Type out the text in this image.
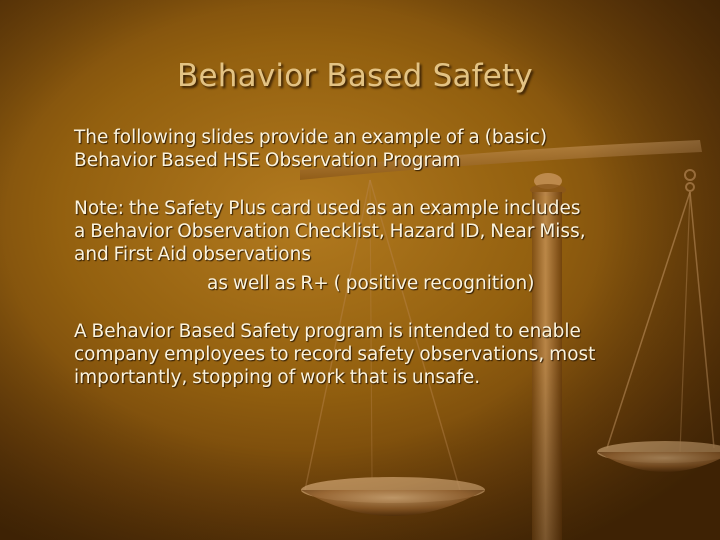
Behavior Based Safety

The following slides provide an example of a (basic)
Behavior Based HSE Observation Program

Note: the Safety Plus card used as an example includes
a Behavior Observation Checklist, Hazard ID, Near Miss,
and First Aid observations
as well as R+ ( positive recognition)

A Behavior Based Safety program is intended to enable
company employees to record safety observations, most
importantly, stopping of work that is unsafe.
